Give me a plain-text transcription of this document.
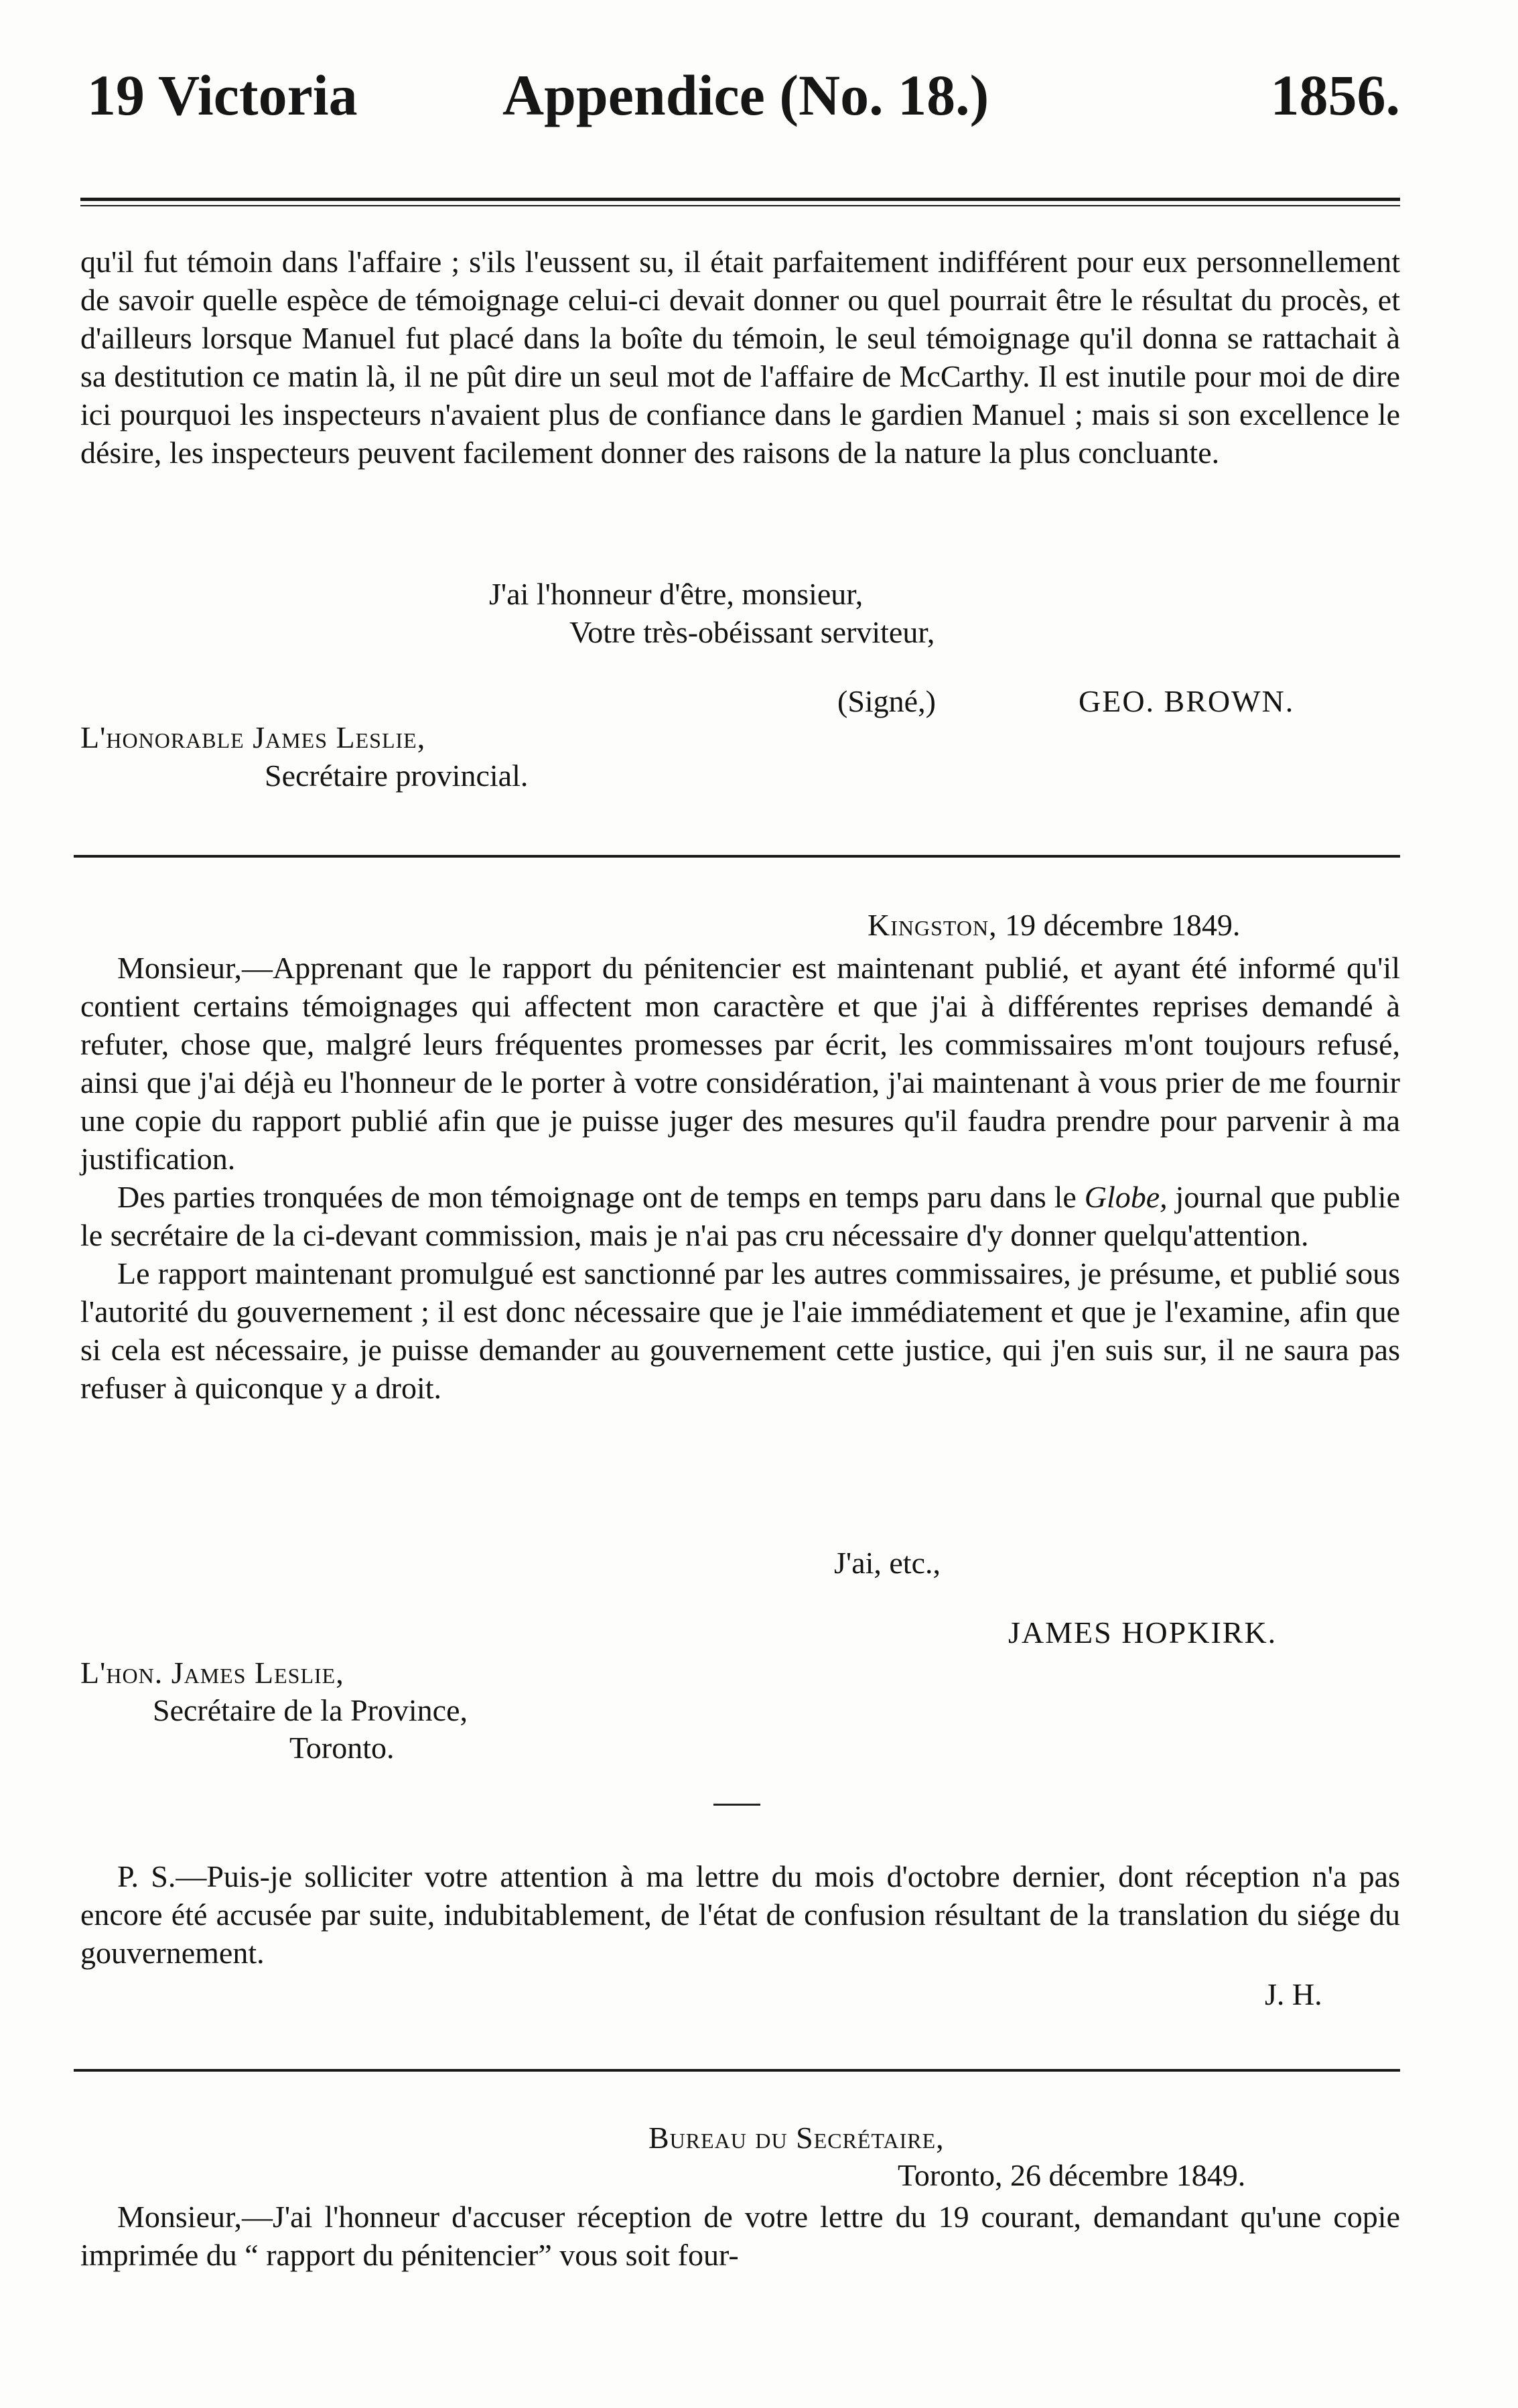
19 Victoria	Appendice (No. 18.)	1856.

qu'il fut témoin dans l'affaire ; s'ils l'eussent su, il était parfaitement indifférent pour eux personnellement de savoir quelle espèce de témoignage celui-ci devait donner ou quel pourrait être le résultat du procès, et d'ailleurs lorsque Manuel fut placé dans la boîte du témoin, le seul témoignage qu'il donna se rattachait à sa destitution ce matin là, il ne pût dire un seul mot de l'affaire de McCarthy. Il est inutile pour moi de dire ici pourquoi les inspecteurs n'avaient plus de confiance dans le gardien Manuel ; mais si son excellence le désire, les inspecteurs peuvent facilement donner des raisons de la nature la plus concluante.

J'ai l'honneur d'être, monsieur,
Votre très-obéissant serviteur,
(Signé,)	GEO. BROWN.
L'honorable James Leslie,
Secrétaire provincial.
Kingston, 19 décembre 1849.

Monsieur,—Apprenant que le rapport du pénitencier est maintenant publié, et ayant été informé qu'il contient certains témoignages qui affectent mon caractère et que j'ai à différentes reprises demandé à refuter, chose que, malgré leurs fréquentes promesses par écrit, les commissaires m'ont toujours refusé, ainsi que j'ai déjà eu l'honneur de le porter à votre considération, j'ai maintenant à vous prier de me fournir une copie du rapport publié afin que je puisse juger des mesures qu'il faudra prendre pour parvenir à ma justification.

Des parties tronquées de mon témoignage ont de temps en temps paru dans le Globe, journal que publie le secrétaire de la ci-devant commission, mais je n'ai pas cru nécessaire d'y donner quelqu'attention.

Le rapport maintenant promulgué est sanctionné par les autres commissaires, je présume, et publié sous l'autorité du gouvernement ; il est donc nécessaire que je l'aie immédiatement et que je l'examine, afin que si cela est nécessaire, je puisse demander au gouvernement cette justice, qui j'en suis sur, il ne saura pas refuser à quiconque y a droit.

J'ai, etc.,
JAMES HOPKIRK.
L'hon. James Leslie,
Secrétaire de la Province,
Toronto.

P. S.—Puis-je solliciter votre attention à ma lettre du mois d'octobre dernier, dont réception n'a pas encore été accusée par suite, indubitablement, de l'état de confusion résultant de la translation du siége du gouvernement.

J. H.
Bureau du Secrétaire,
Toronto, 26 décembre 1849.

Monsieur,—J'ai l'honneur d'accuser réception de votre lettre du 19 courant, demandant qu'une copie imprimée du “ rapport du pénitencier” vous soit four-
